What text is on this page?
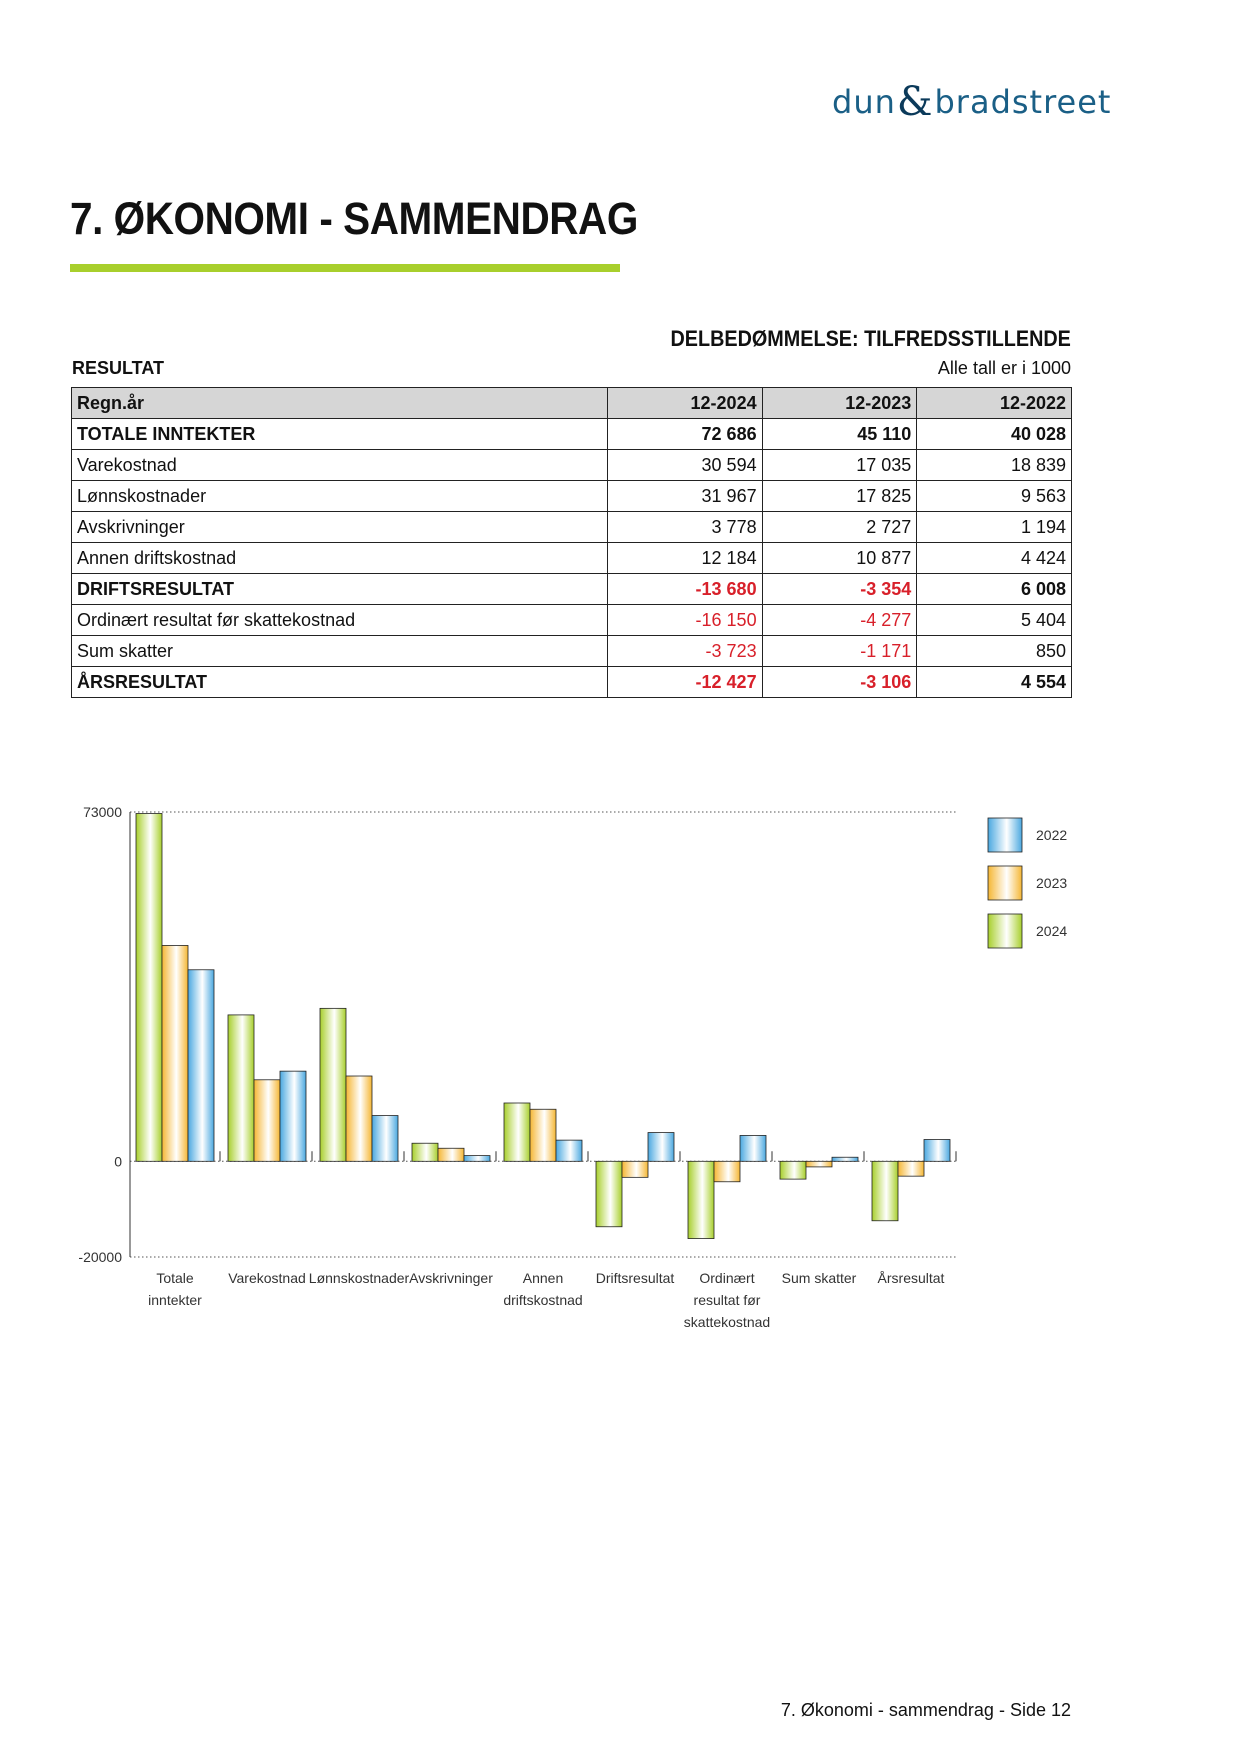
dun & bradstreet
7. ØKONOMI - SAMMENDRAG
DELBEDØMMELSE: TILFREDSSTILLENDE
RESULTAT	Alle tall er i 1000
Regn.år	12-2024	12-2023	12-2022
TOTALE INNTEKTER	72 686	45 110	40 028
Varekostnad	30 594	17 035	18 839
Lønnskostnader	31 967	17 825	9 563
Avskrivninger	3 778	2 727	1 194
Annen driftskostnad	12 184	10 877	4 424
DRIFTSRESULTAT	-13 680	-3 354	6 008
Ordinært resultat før skattekostnad	-16 150	-4 277	5 404
Sum skatter	-3 723	-1 171	850
ÅRSRESULTAT	-12 427	-3 106	4 554
73000
0
-20000
Totale
inntekter
Varekostnad Lønnskostnader Avskrivninger Annen
driftskostnad
Driftsresultat Ordinært
resultat før
skattekostnad
Sum skatter Årsresultat
2022
2023
2024
7. Økonomi - sammendrag - Side 12
